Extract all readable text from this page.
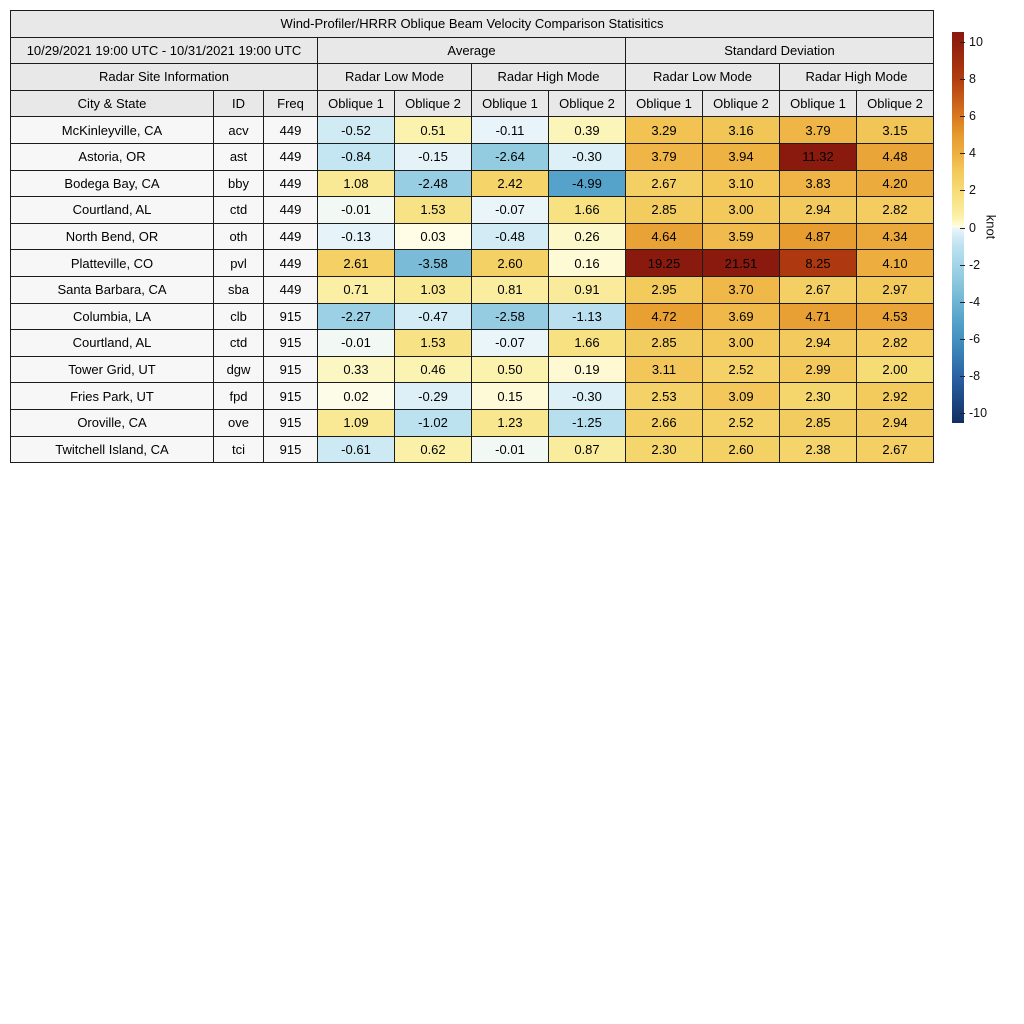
Wind-Profiler/HRRR Oblique Beam Velocity Comparison Statisitics										
10/29/2021 19:00 UTC - 10/31/2021 19:00 UTC			Average				Standard Deviation			
Radar Site Information			Radar Low Mode		Radar High Mode		Radar Low Mode		Radar High Mode	
City & State	ID	Freq	Oblique 1	Oblique 2	Oblique 1	Oblique 2	Oblique 1	Oblique 2	Oblique 1	Oblique 2
McKinleyville, CA	acv	449	-0.52	0.51	-0.11	0.39	3.29	3.16	3.79	3.15
Astoria, OR	ast	449	-0.84	-0.15	-2.64	-0.30	3.79	3.94	11.32	4.48
Bodega Bay, CA	bby	449	1.08	-2.48	2.42	-4.99	2.67	3.10	3.83	4.20
Courtland, AL	ctd	449	-0.01	1.53	-0.07	1.66	2.85	3.00	2.94	2.82
North Bend, OR	oth	449	-0.13	0.03	-0.48	0.26	4.64	3.59	4.87	4.34
Platteville, CO	pvl	449	2.61	-3.58	2.60	0.16	19.25	21.51	8.25	4.10
Santa Barbara, CA	sba	449	0.71	1.03	0.81	0.91	2.95	3.70	2.67	2.97
Columbia, LA	clb	915	-2.27	-0.47	-2.58	-1.13	4.72	3.69	4.71	4.53
Courtland, AL	ctd	915	-0.01	1.53	-0.07	1.66	2.85	3.00	2.94	2.82
Tower Grid, UT	dgw	915	0.33	0.46	0.50	0.19	3.11	2.52	2.99	2.00
Fries Park, UT	fpd	915	0.02	-0.29	0.15	-0.30	2.53	3.09	2.30	2.92
Oroville, CA	ove	915	1.09	-1.02	1.23	-1.25	2.66	2.52	2.85	2.94
Twitchell Island, CA	tci	915	-0.61	0.62	-0.01	0.87	2.30	2.60	2.38	2.67
10
8
6
4
2
0
-2
-4
-6
-8
-10
knot
